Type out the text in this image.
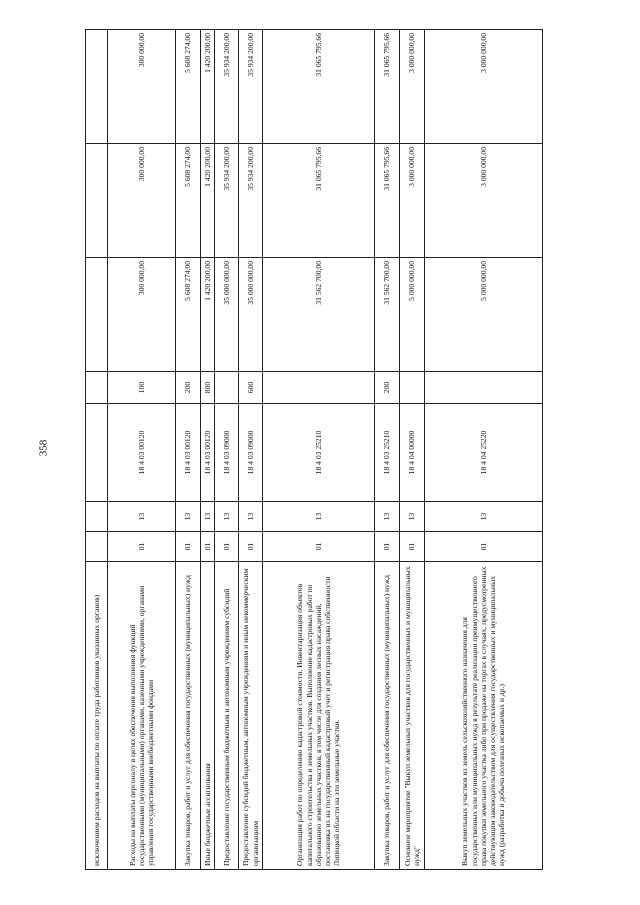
358
исключением расходов на выплаты по оплате труда работников указанных органов)							
Расходы на выплаты персоналу в целях обеспечения выполнения функций государственными (муниципальными) органами, казенными учреждениями, органами управления государственными внебюджетными фондами	01	13	18 4 03 00120	100	300 000,00	300 000,00	300 000,00
Закупка товаров, работ и услуг для обеспечения государственных (муниципальных) нужд	01	13	18 4 03 00120	200	5 608 274,00	5 608 274,00	5 608 274,00
Иные бюджетные ассигнования	01	13	18 4 03 00120	800	1 420 200,00	1 420 200,00	1 420 200,00
Предоставление государственным бюджетным и автономным учреждениям субсидий	01	13	18 4 03 09000		35 000 000,00	35 934 200,00	35 934 200,00
Предоставление субсидий бюджетным, автономным учреждениям и иным некоммерческим организациям	01	13	18 4 03 09000	600	35 000 000,00	35 934 200,00	35 934 200,00
Организация работ по определению кадастровой стоимости. Инвентаризация объектов капитального строительства и земельных участков. Выполнение кадастровых работ по образованию земельных участков, в том числе для создания лесных насаждений, постановка их на государственный кадастровый учет и регистрация права собственности Липецкой области на эти земельные участки.	01	13	18 4 03 25210		31 562 700,00	31 065 795,66	31 065 795,66
Закупка товаров, работ и услуг для обеспечения государственных (муниципальных) нужд	01	13	18 4 03 25210	200	31 562 700,00	31 065 795,66	31 065 795,66
Основное мероприятие "Выкуп земельных участков для государственных и муниципальных нужд"	01	13	18 4 04 00000		5 000 000,00	3 000 000,00	3 000 000,00
Выкуп земельных участков из земель сельскохозяйственного назначения для государственных или муниципальных нужд в результате реализации преимущественного права покупки земельного участка либо при продаже на торгах в случаях, предусмотренных действующим законодательством для осуществления государственных и муниципальных нужд (разработка и добыча полезных ископаемых и др.)	01	13	18 4 04 25220		5 000 000,00	3 000 000,00	3 000 000,00
